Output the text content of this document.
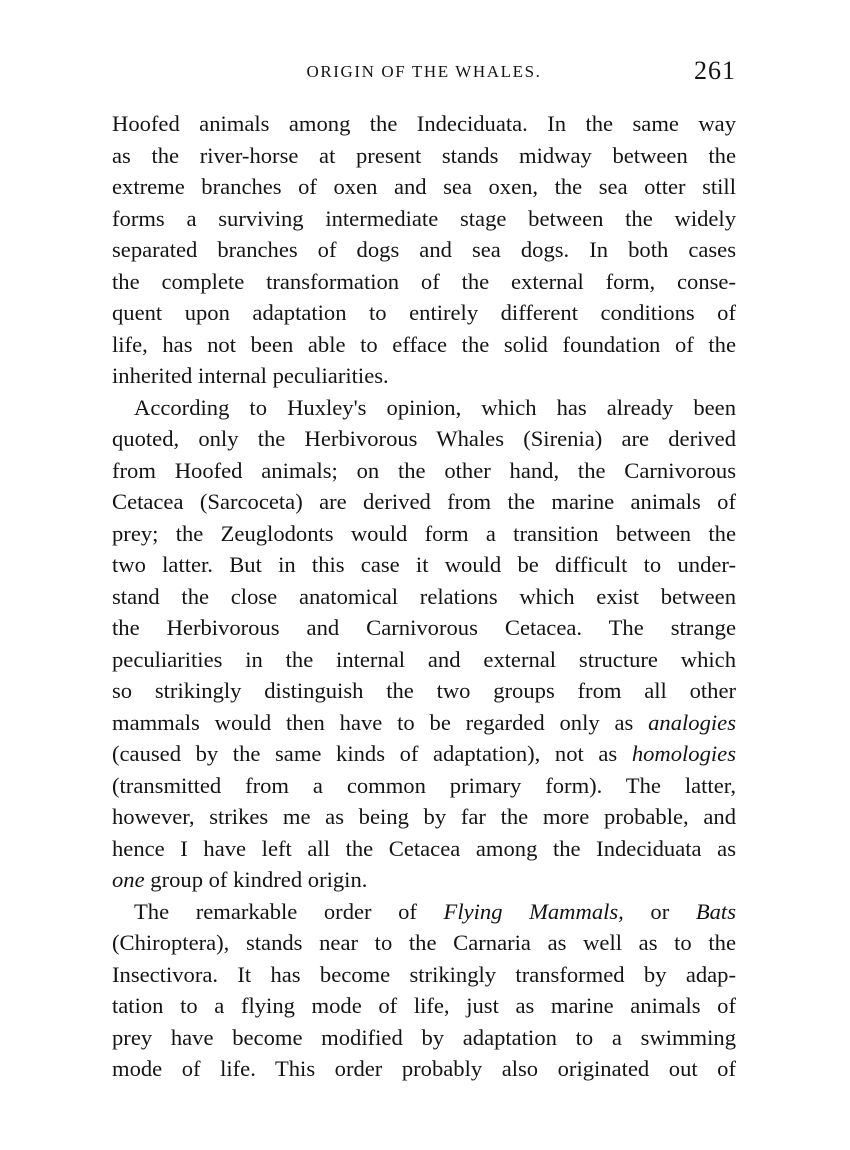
ORIGIN OF THE WHALES.	261
Hoofed animals among the Indeciduata. In the same way
as the river-horse at present stands midway between the
extreme branches of oxen and sea oxen, the sea otter still
forms a surviving intermediate stage between the widely
separated branches of dogs and sea dogs. In both cases
the complete transformation of the external form, conse-
quent upon adaptation to entirely different conditions of
life, has not been able to efface the solid foundation of the
inherited internal peculiarities.
According to Huxley's opinion, which has already been
quoted, only the Herbivorous Whales (Sirenia) are derived
from Hoofed animals; on the other hand, the Carnivorous
Cetacea (Sarcoceta) are derived from the marine animals of
prey; the Zeuglodonts would form a transition between the
two latter. But in this case it would be difficult to under-
stand the close anatomical relations which exist between
the Herbivorous and Carnivorous Cetacea. The strange
peculiarities in the internal and external structure which
so strikingly distinguish the two groups from all other
mammals would then have to be regarded only as analogies
(caused by the same kinds of adaptation), not as homologies
(transmitted from a common primary form). The latter,
however, strikes me as being by far the more probable, and
hence I have left all the Cetacea among the Indeciduata as
one group of kindred origin.
The remarkable order of Flying Mammals, or Bats
(Chiroptera), stands near to the Carnaria as well as to the
Insectivora. It has become strikingly transformed by adap-
tation to a flying mode of life, just as marine animals of
prey have become modified by adaptation to a swimming
mode of life. This order probably also originated out of
